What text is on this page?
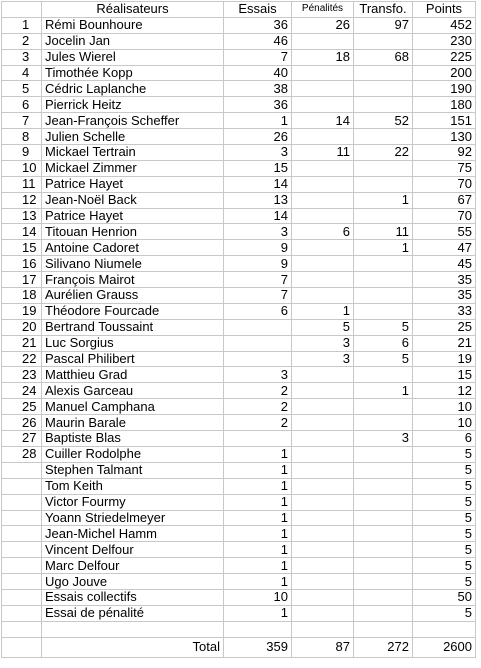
	Réalisateurs	Essais	Pénalités	Transfo.	Points
1	Rémi Bounhoure	36	26	97	452
2	Jocelin Jan	46			230
3	Jules Wierel	7	18	68	225
4	Timothée Kopp	40			200
5	Cédric Laplanche	38			190
6	Pierrick Heitz	36			180
7	Jean-François Scheffer	1	14	52	151
8	Julien Schelle	26			130
9	Mickael Tertrain	3	11	22	92
10	Mickael Zimmer	15			75
11	Patrice Hayet	14			70
12	Jean-Noël Back	13		1	67
13	Patrice Hayet	14			70
14	Titouan Henrion	3	6	11	55
15	Antoine Cadoret	9		1	47
16	Silivano Niumele	9			45
17	François Mairot	7			35
18	Aurélien Grauss	7			35
19	Théodore Fourcade	6	1		33
20	Bertrand Toussaint		5	5	25
21	Luc Sorgius		3	6	21
22	Pascal Philibert		3	5	19
23	Matthieu Grad	3			15
24	Alexis Garceau	2		1	12
25	Manuel Camphana	2			10
26	Maurin Barale	2			10
27	Baptiste Blas			3	6
28	Cuiller Rodolphe	1			5
	Stephen Talmant	1			5
	Tom Keith	1			5
	Victor Fourmy	1			5
	Yoann Striedelmeyer	1			5
	Jean-Michel Hamm	1			5
	Vincent Delfour	1			5
	Marc Delfour	1			5
	Ugo Jouve	1			5
	Essais collectifs	10			50
	Essai de pénalité	1			5

	Total	359	87	272	2600
